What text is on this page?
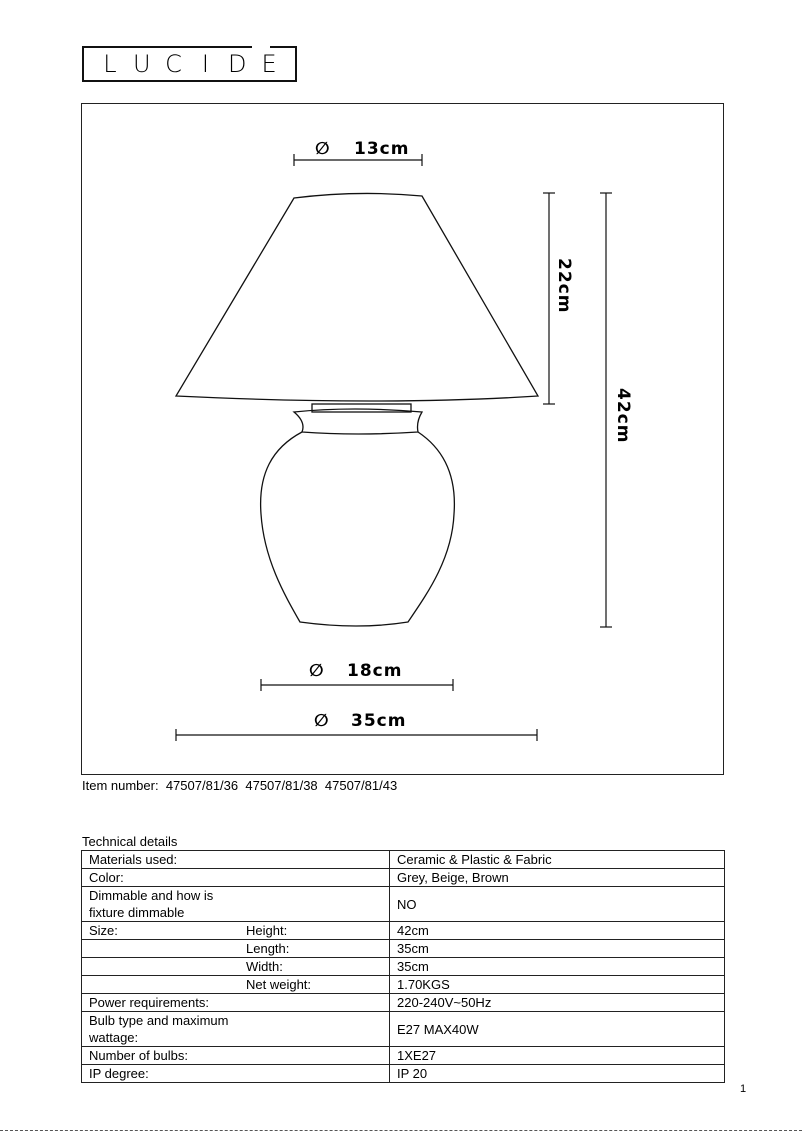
L U C I D E
∅ 13cm
22cm
42cm
∅ 18cm
∅ 35cm
Item number: 47507/81/36 47507/81/38 47507/81/43
Technical details
Materials used:	Ceramic & Plastic & Fabric
Color:	Grey, Beige, Brown
Dimmable and how is fixture dimmable	NO
Size: Height:	42cm
Length:	35cm
Width:	35cm
Net weight:	1.70KGS
Power requirements:	220-240V~50Hz
Bulb type and maximum wattage:	E27 MAX40W
Number of bulbs:	1XE27
IP degree:	IP 20
1
